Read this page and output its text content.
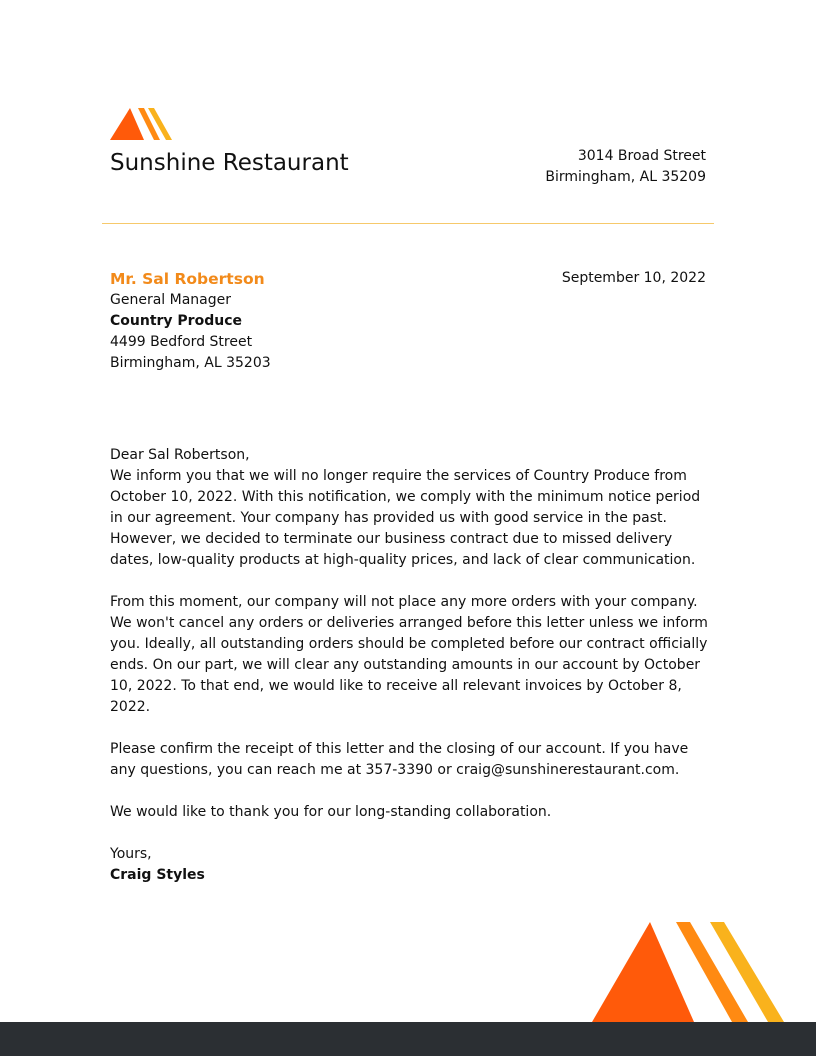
Sunshine Restaurant	3014 Broad Street
Birmingham, AL 35209
Mr. Sal Robertson
General Manager
Country Produce
4499 Bedford Street
Birmingham, AL 35203
September 10, 2022

Dear Sal Robertson,

We inform you that we will no longer require the services of Country Produce from October 10, 2022. With this notification, we comply with the minimum notice period in our agreement. Your company has provided us with good service in the past. However, we decided to terminate our business contract due to missed delivery dates, low-quality products at high-quality prices, and lack of clear communication.

From this moment, our company will not place any more orders with your company. We won't cancel any orders or deliveries arranged before this letter unless we inform you. Ideally, all outstanding orders should be completed before our contract officially ends. On our part, we will clear any outstanding amounts in our account by October 10, 2022. To that end, we would like to receive all relevant invoices by October 8, 2022.

Please confirm the receipt of this letter and the closing of our account. If you have any questions, you can reach me at 357-3390 or craig@sunshinerestaurant.com.

We would like to thank you for our long-standing collaboration.

Yours,

Craig Styles
